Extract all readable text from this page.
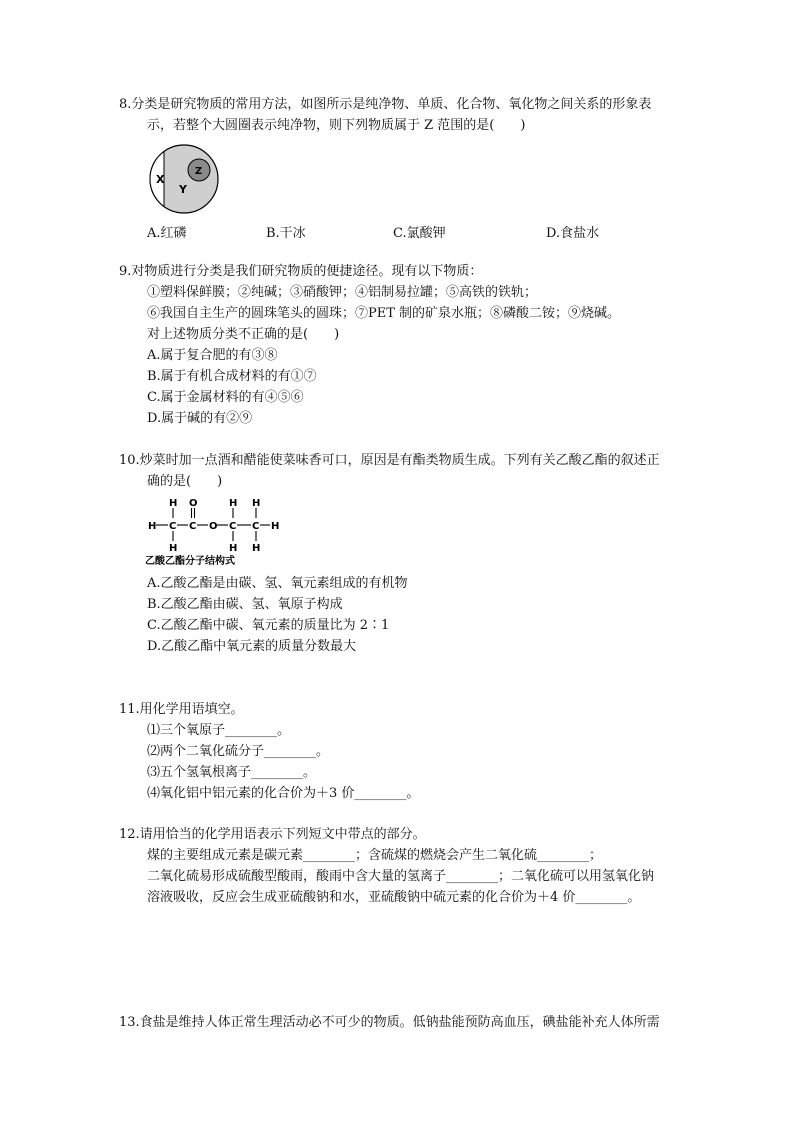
8.分类是研究物质的常用方法，如图所示是纯净物、单质、化合物、氧化物之间关系的形象表
示，若整个大圆圈表示纯净物，则下列物质属于 Z 范围的是(　　)
X
Y
Z
A.红磷	B.干冰	C.氯酸钾	D.食盐水
9.对物质进行分类是我们研究物质的便捷途径。现有以下物质：
①塑料保鲜膜；②纯碱；③硝酸钾；④铝制易拉罐；⑤高铁的铁轨；
⑥我国自主生产的圆珠笔头的圆珠；⑦PET 制的矿泉水瓶；⑧磷酸二铵；⑨烧碱。
对上述物质分类不正确的是(　　)
A.属于复合肥的有③⑧
B.属于有机合成材料的有①⑦
C.属于金属材料的有④⑤⑥
D.属于碱的有②⑨
10.炒菜时加一点酒和醋能使菜味香可口，原因是有酯类物质生成。下列有关乙酸乙酯的叙述正
确的是(　　)
H O	H H
H C C O C C H
H	H H
乙酸乙酯分子结构式
A.乙酸乙酯是由碳、氢、氧元素组成的有机物
B.乙酸乙酯由碳、氢、氧原子构成
C.乙酸乙酯中碳、氧元素的质量比为 2∶1
D.乙酸乙酯中氧元素的质量分数最大
11.用化学用语填空。
⑴三个氧原子________。
⑵两个二氧化硫分子________。
⑶五个氢氧根离子________。
⑷氧化铝中铝元素的化合价为＋3 价________。
12.请用恰当的化学用语表示下列短文中带点的部分。
煤的主要组成元素是碳元素________；含硫煤的燃烧会产生二氧化硫________；
二氧化硫易形成硫酸型酸雨，酸雨中含大量的氢离子________；二氧化硫可以用氢氧化钠
溶液吸收，反应会生成亚硫酸钠和水，亚硫酸钠中硫元素的化合价为＋4 价________。
13.食盐是维持人体正常生理活动必不可少的物质。低钠盐能预防高血压，碘盐能补充人体所需
